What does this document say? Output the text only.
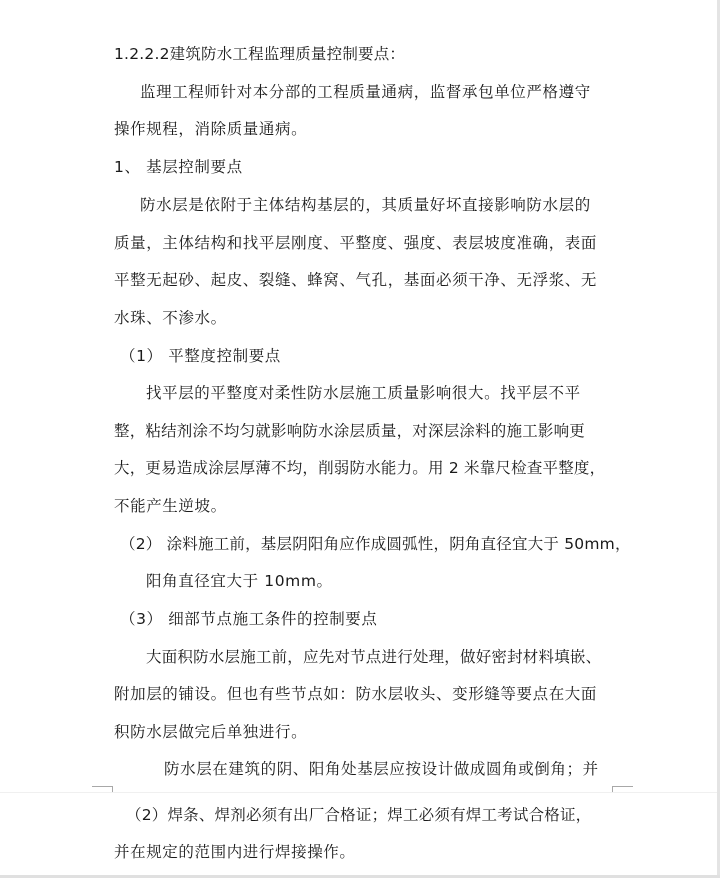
1.2.2.2建筑防水工程监理质量控制要点：
监理工程师针对本分部的工程质量通病，监督承包单位严格遵守
操作规程，消除质量通病。
1、 基层控制要点
防水层是依附于主体结构基层的，其质量好坏直接影响防水层的
质量，主体结构和找平层刚度、平整度、强度、表层坡度准确，表面
平整无起砂、起皮、裂缝、蜂窝、气孔，基面必须干净、无浮浆、无
水珠、不渗水。
（1） 平整度控制要点
找平层的平整度对柔性防水层施工质量影响很大。找平层不平
整，粘结剂涂不均匀就影响防水涂层质量，对深层涂料的施工影响更
大，更易造成涂层厚薄不均，削弱防水能力。用 2 米靠尺检查平整度，
不能产生逆坡。
（2） 涂料施工前，基层阴阳角应作成圆弧性，阴角直径宜大于 50mm，
阳角直径宜大于 10mm。
（3） 细部节点施工条件的控制要点
大面积防水层施工前，应先对节点进行处理，做好密封材料填嵌、
附加层的铺设。但也有些节点如：防水层收头、变形缝等要点在大面
积防水层做完后单独进行。
防水层在建筑的阴、阳角处基层应按设计做成圆角或倒角；并
（2）焊条、焊剂必须有出厂合格证；焊工必须有焊工考试合格证，
并在规定的范围内进行焊接操作。
